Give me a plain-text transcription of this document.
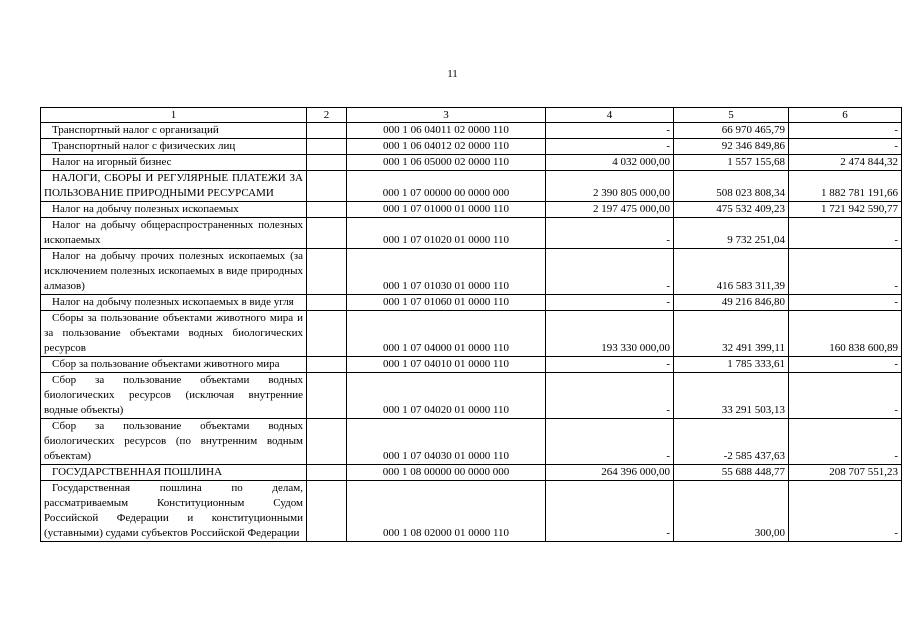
11
1	2	3	4	5	6
Транспортный налог с организаций		000 1 06 04011 02 0000 110	-	66 970 465,79	-
Транспортный налог с физических лиц		000 1 06 04012 02 0000 110	-	92 346 849,86	-
Налог на игорный бизнес		000 1 06 05000 02 0000 110	4 032 000,00	1 557 155,68	2 474 844,32
НАЛОГИ, СБОРЫ И РЕГУЛЯРНЫЕ ПЛАТЕЖИ ЗА ПОЛЬЗОВАНИЕ ПРИРОДНЫМИ РЕСУРСАМИ		000 1 07 00000 00 0000 000	2 390 805 000,00	508 023 808,34	1 882 781 191,66
Налог на добычу полезных ископаемых		000 1 07 01000 01 0000 110	2 197 475 000,00	475 532 409,23	1 721 942 590,77
Налог на добычу общераспространенных полезных ископаемых		000 1 07 01020 01 0000 110	-	9 732 251,04	-
Налог на добычу прочих полезных ископаемых (за исключением полезных ископаемых в виде природных алмазов)		000 1 07 01030 01 0000 110	-	416 583 311,39	-
Налог на добычу полезных ископаемых в виде угля		000 1 07 01060 01 0000 110	-	49 216 846,80	-
Сборы за пользование объектами животного мира и за пользование объектами водных биологических ресурсов		000 1 07 04000 01 0000 110	193 330 000,00	32 491 399,11	160 838 600,89
Сбор за пользование объектами животного мира		000 1 07 04010 01 0000 110	-	1 785 333,61	-
Сбор за пользование объектами водных биологических ресурсов (исключая внутренние водные объекты)		000 1 07 04020 01 0000 110	-	33 291 503,13	-
Сбор за пользование объектами водных биологических ресурсов (по внутренним водным объектам)		000 1 07 04030 01 0000 110	-	-2 585 437,63	-
ГОСУДАРСТВЕННАЯ ПОШЛИНА		000 1 08 00000 00 0000 000	264 396 000,00	55 688 448,77	208 707 551,23
Государственная пошлина по делам, рассматриваемым Конституционным Судом Российской Федерации и конституционными (уставными) судами субъектов Российской Федерации		000 1 08 02000 01 0000 110	-	300,00	-
